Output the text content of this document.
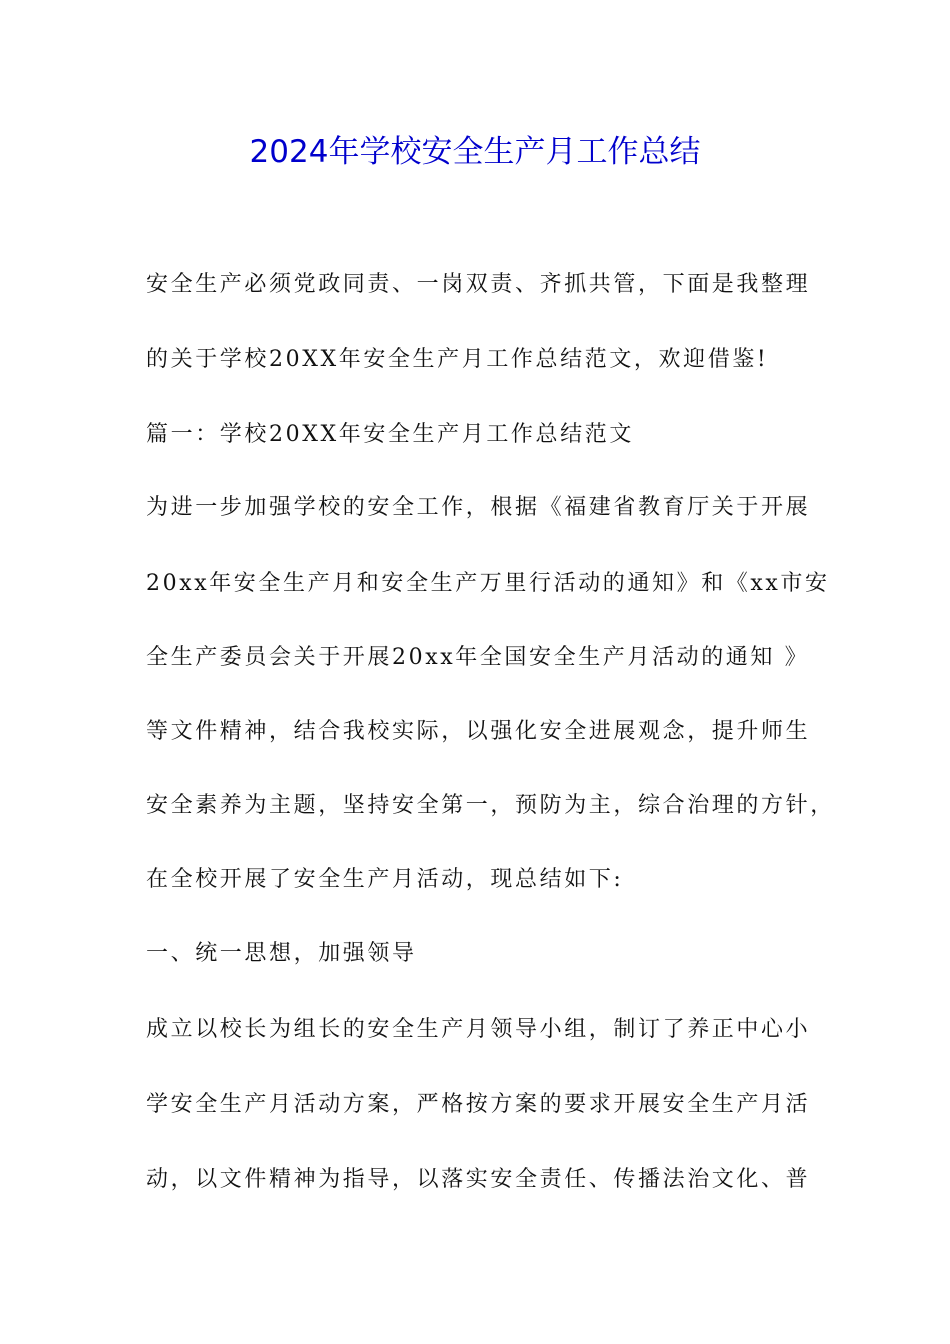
2024年学校安全生产月工作总结
安全生产必须党政同责、一岗双责、齐抓共管，下面是我整理
的关于学校20XX年安全生产月工作总结范文，欢迎借鉴!
篇一：学校20XX年安全生产月工作总结范文
为进一步加强学校的安全工作，根据《福建省教育厅关于开展
20xx年安全生产月和安全生产万里行活动的通知》和《xx市安
全生产委员会关于开展20xx年全国安全生产月活动的通知 》
等文件精神，结合我校实际，以强化安全进展观念，提升师生
安全素养为主题，坚持安全第一，预防为主，综合治理的方针，
在全校开展了安全生产月活动，现总结如下:
一、统一思想，加强领导
成立以校长为组长的安全生产月领导小组，制订了养正中心小
学安全生产月活动方案，严格按方案的要求开展安全生产月活
动，以文件精神为指导，以落实安全责任、传播法治文化、普
